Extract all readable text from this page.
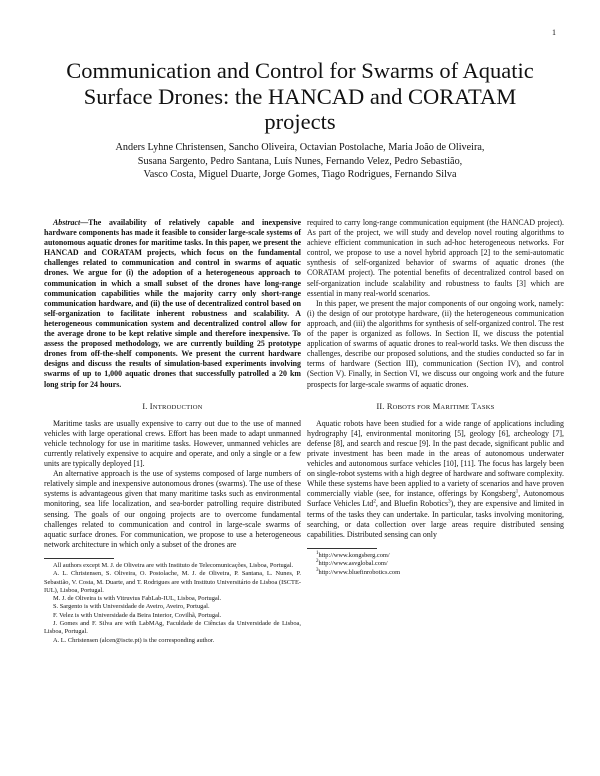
1
Communication and Control for Swarms of Aquatic Surface Drones: the HANCAD and CORATAM projects
Anders Lyhne Christensen, Sancho Oliveira, Octavian Postolache, Maria João de Oliveira,
Susana Sargento, Pedro Santana, Luís Nunes, Fernando Velez, Pedro Sebastião,
Vasco Costa, Miguel Duarte, Jorge Gomes, Tiago Rodrigues, Fernando Silva

Abstract—The availability of relatively capable and inexpensive hardware components has made it feasible to consider large-scale systems of autonomous aquatic drones for maritime tasks. In this paper, we present the HANCAD and CORATAM projects, which focus on the fundamental challenges related to communication and control in swarms of aquatic drones. We argue for (i) the adoption of a heterogeneous approach to communication in which a small subset of the drones have long-range communication capabilities while the majority carry only short-range communication hardware, and (ii) the use of decentralized control based on self-organization to facilitate inherent robustness and scalability. A heterogeneous communication system and decentralized control allow for the average drone to be kept relative simple and therefore inexpensive. To assess the proposed methodology, we are currently building 25 prototype drones from off-the-shelf components. We present the current hardware designs and discuss the results of simulation-based experiments involving swarms of up to 1,000 aquatic drones that successfully patrolled a 20 km long strip for 24 hours.

I. INTRODUCTION

Maritime tasks are usually expensive to carry out due to the use of manned vehicles with large operational crews. Effort has been made to adapt unmanned vehicle technology for use in maritime tasks. However, unmanned vehicles are currently relatively expensive to acquire and operate, and only a single or a few units are typically deployed [1].

An alternative approach is the use of systems composed of large numbers of relatively simple and inexpensive autonomous drones (swarms). The use of these systems is advantageous given that many maritime tasks such as environmental monitoring, sea life localization, and sea-border patrolling require distributed sensing. The goals of our ongoing projects are to overcome fundamental challenges related to communication and control in large-scale swarms of aquatic surface drones. For communication, we propose to use a heterogeneous network architecture in which only a subset of the drones are

All authors except M. J. de Oliveira are with Instituto de Telecomunicações, Lisboa, Portugal.

A. L. Christensen, S. Oliveira, O. Postolache, M. J. de Oliveira, P. Santana, L. Nunes, P. Sebastião, V. Costa, M. Duarte, and T. Rodrigues are with Instituto Universitário de Lisboa (ISCTE-IUL), Lisboa, Portugal.

M. J. de Oliveira is with Vitruvius FabLab-IUL, Lisboa, Portugal.

S. Sargento is with Universidade de Aveiro, Aveiro, Portugal.

F. Velez is with Universidade da Beira Interior, Covilhã, Portugal.

J. Gomes and F. Silva are with LabMAg, Faculdade de Ciências da Universidade de Lisboa, Lisboa, Portugal.

A. L. Christensen (alcen@iscte.pt) is the corresponding author.

required to carry long-range communication equipment (the HANCAD project). As part of the project, we will study and develop novel routing algorithms to achieve efficient communication in such ad-hoc heterogeneous networks. For control, we propose to use a novel hybrid approach [2] to the semi-automatic synthesis of self-organized behavior of swarms of aquatic drones (the CORATAM project). The potential benefits of decentralized control based on self-organization include scalability and robustness to faults [3] which are essential in many real-world scenarios.

In this paper, we present the major components of our ongoing work, namely: (i) the design of our prototype hardware, (ii) the heterogeneous communication approach, and (iii) the algorithms for synthesis of self-organized control. The rest of the paper is organized as follows. In Section II, we discuss the potential application of swarms of aquatic drones to real-world tasks. We then discuss the challenges, describe our proposed solutions, and the studies conducted so far in terms of hardware (Section III), communication (Section IV), and control (Section V). Finally, in Section VI, we discuss our ongoing work and the future prospects for large-scale swarms of aquatic drones.

II. ROBOTS FOR MARITIME TASKS

Aquatic robots have been studied for a wide range of applications including hydrography [4], environmental monitoring [5], geology [6], archeology [7], defense [8], and search and rescue [9]. In the past decade, significant public and private investment has been made in the areas of autonomous underwater vehicles and autonomous surface vehicles [10], [11]. The focus has largely been on single-robot systems with a high degree of hardware and software complexity. While these systems have been applied to a variety of scenarios and have proven commercially viable (see, for instance, offerings by Kongsberg$^1$, Autonomous Surface Vehicles Ltd$^2$, and Bluefin Robotics$^3$), they are expensive and limited in terms of the tasks they can undertake. In particular, tasks involving monitoring, searching, or data collection over large areas require distributed sensing capabilities. Distributed sensing can only

$^1$http://www.kongsberg.com/

$^2$http://www.asvglobal.com/

$^3$http://www.bluefinrobotics.com
